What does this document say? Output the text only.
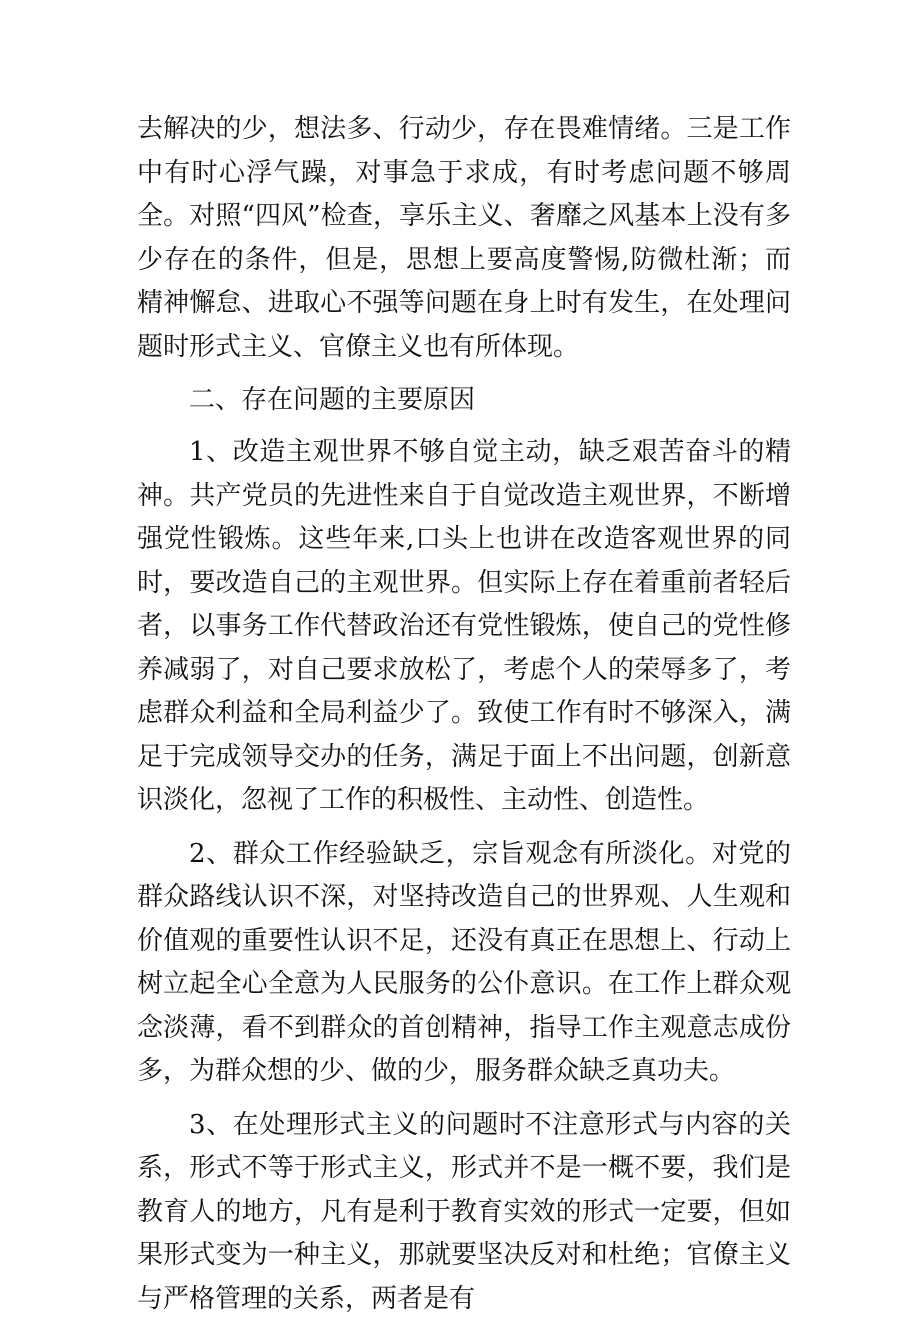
去解决的少，想法多、行动少，存在畏难情绪。三是工作中有时心浮气躁，对事急于求成，有时考虑问题不够周全。对照“四风”检查，享乐主义、奢靡之风基本上没有多少存在的条件，但是，思想上要高度警惕,防微杜渐；而精神懈怠、进取心不强等问题在身上时有发生，在处理问题时形式主义、官僚主义也有所体现。

二、存在问题的主要原因

1、改造主观世界不够自觉主动，缺乏艰苦奋斗的精神。共产党员的先进性来自于自觉改造主观世界，不断增强党性锻炼。这些年来,口头上也讲在改造客观世界的同时，要改造自己的主观世界。但实际上存在着重前者轻后者，以事务工作代替政治还有党性锻炼，使自己的党性修养减弱了，对自己要求放松了，考虑个人的荣辱多了，考虑群众利益和全局利益少了。致使工作有时不够深入，满足于完成领导交办的任务，满足于面上不出问题，创新意识淡化，忽视了工作的积极性、主动性、创造性。

2、群众工作经验缺乏，宗旨观念有所淡化。对党的群众路线认识不深，对坚持改造自己的世界观、人生观和价值观的重要性认识不足，还没有真正在思想上、行动上树立起全心全意为人民服务的公仆意识。在工作上群众观念淡薄，看不到群众的首创精神，指导工作主观意志成份多，为群众想的少、做的少，服务群众缺乏真功夫。

3、在处理形式主义的问题时不注意形式与内容的关系，形式不等于形式主义，形式并不是一概不要，我们是教育人的地方，凡有是利于教育实效的形式一定要，但如果形式变为一种主义，那就要坚决反对和杜绝；官僚主义与严格管理的关系，两者是有
